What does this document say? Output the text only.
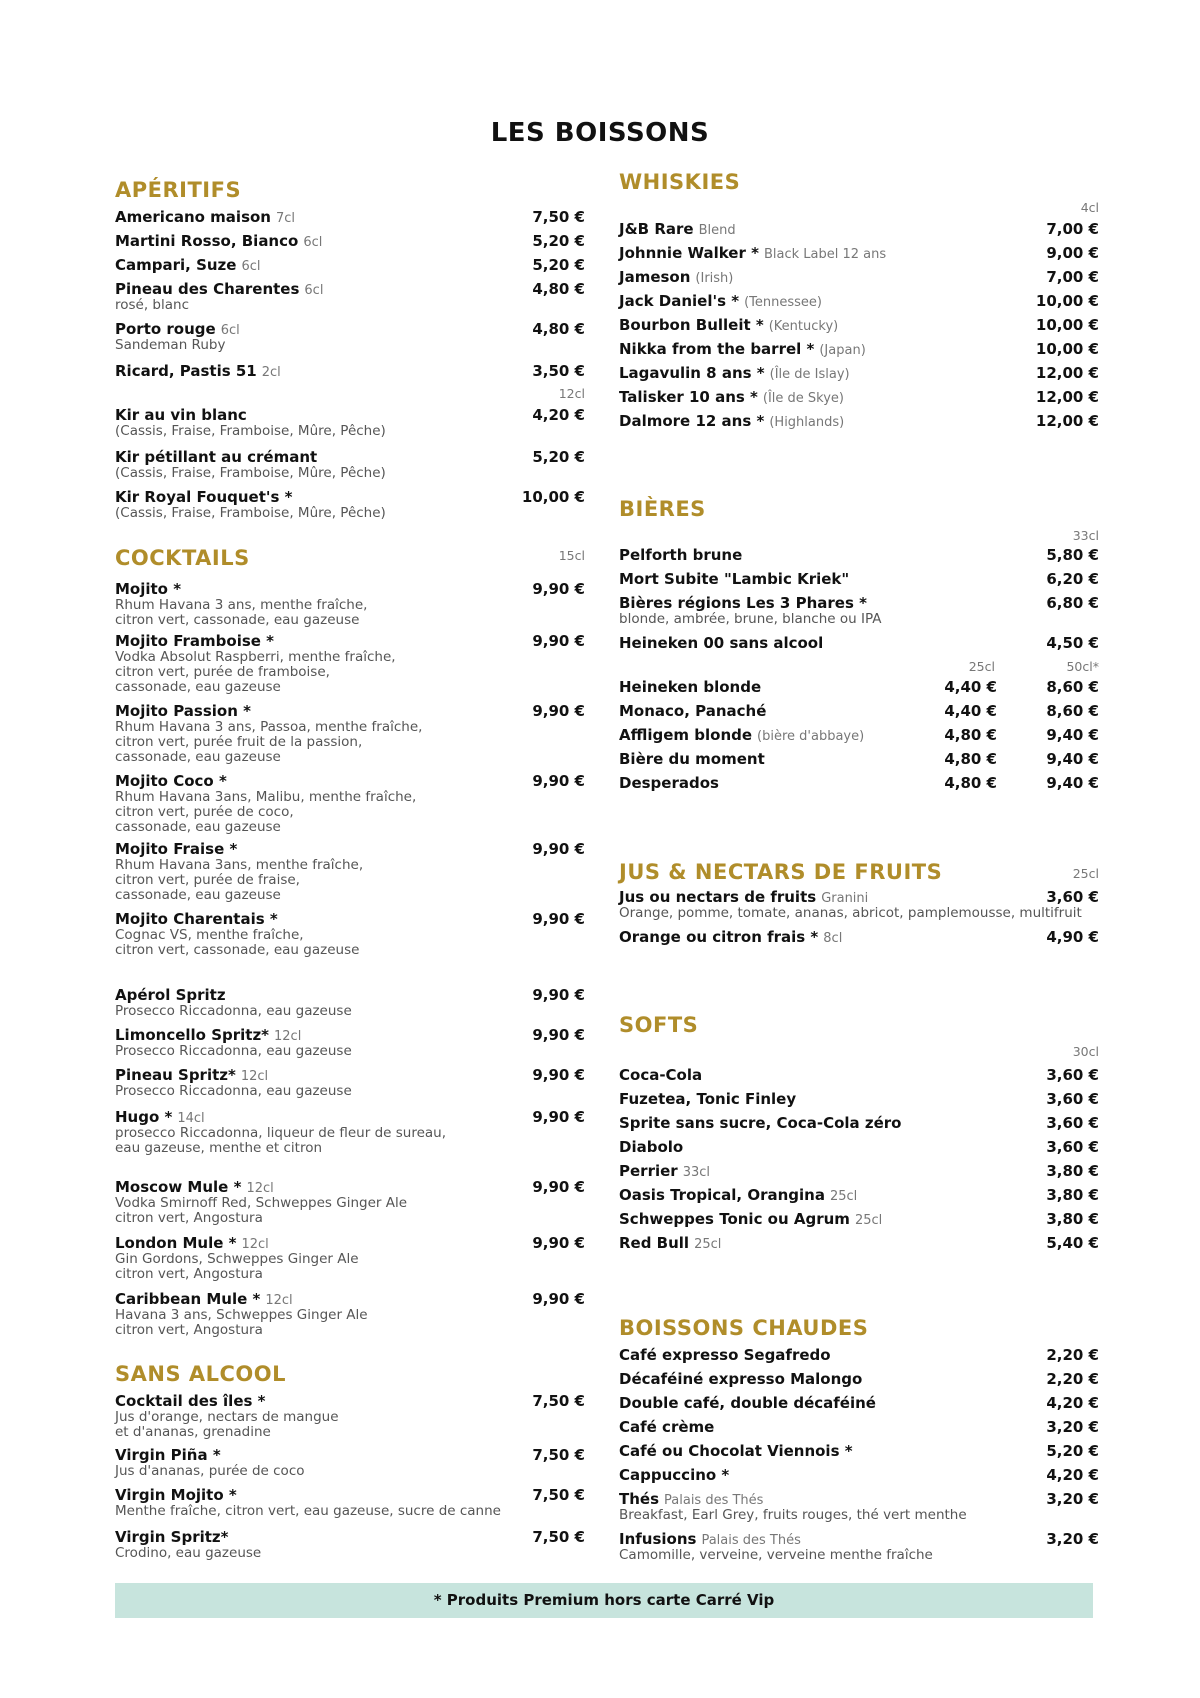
LES BOISSONS
APÉRITIFS
Americano maison 7cl	7,50 €
Martini Rosso, Bianco 6cl	5,20 €
Campari, Suze 6cl	5,20 €
Pineau des Charentes 6cl
rosé, blanc
4,80 €
Porto rouge 6cl
Sandeman Ruby
4,80 €
Ricard, Pastis 51 2cl	3,50 €
12cl
Kir au vin blanc
(Cassis, Fraise, Framboise, Mûre, Pêche)
4,20 €
Kir pétillant au crémant
(Cassis, Fraise, Framboise, Mûre, Pêche)
5,20 €
Kir Royal Fouquet's *
(Cassis, Fraise, Framboise, Mûre, Pêche)
10,00 €
COCKTAILS	15cl
Mojito *
Rhum Havana 3 ans, menthe fraîche,
citron vert, cassonade, eau gazeuse
9,90 €
Mojito Framboise *
Vodka Absolut Raspberri, menthe fraîche,
citron vert, purée de framboise,
cassonade, eau gazeuse
9,90 €
Mojito Passion *
Rhum Havana 3 ans, Passoa, menthe fraîche,
citron vert, purée fruit de la passion,
cassonade, eau gazeuse
9,90 €
Mojito Coco *
Rhum Havana 3ans, Malibu, menthe fraîche,
citron vert, purée de coco,
cassonade, eau gazeuse
9,90 €
Mojito Fraise *
Rhum Havana 3ans, menthe fraîche,
citron vert, purée de fraise,
cassonade, eau gazeuse
9,90 €
Mojito Charentais *
Cognac VS, menthe fraîche,
citron vert, cassonade, eau gazeuse
9,90 €
Apérol Spritz
Prosecco Riccadonna, eau gazeuse
9,90 €
Limoncello Spritz* 12cl
Prosecco Riccadonna, eau gazeuse
9,90 €
Pineau Spritz* 12cl
Prosecco Riccadonna, eau gazeuse
9,90 €
Hugo * 14cl
prosecco Riccadonna, liqueur de fleur de sureau,
eau gazeuse, menthe et citron
9,90 €
Moscow Mule * 12cl
Vodka Smirnoff Red, Schweppes Ginger Ale
citron vert, Angostura
9,90 €
London Mule * 12cl
Gin Gordons, Schweppes Ginger Ale
citron vert, Angostura
9,90 €
Caribbean Mule * 12cl
Havana 3 ans, Schweppes Ginger Ale
citron vert, Angostura
9,90 €
SANS ALCOOL
Cocktail des îles *
Jus d'orange, nectars de mangue
et d'ananas, grenadine
7,50 €
Virgin Piña *
Jus d'ananas, purée de coco
7,50 €
Virgin Mojito *
Menthe fraîche, citron vert, eau gazeuse, sucre de canne
7,50 €
Virgin Spritz*
Crodino, eau gazeuse
7,50 €
WHISKIES
4cl
J&B Rare Blend	7,00 €
Johnnie Walker * Black Label 12 ans	9,00 €
Jameson (Irish)	7,00 €
Jack Daniel's * (Tennessee)	10,00 €
Bourbon Bulleit * (Kentucky)	10,00 €
Nikka from the barrel * (Japan)	10,00 €
Lagavulin 8 ans * (Île de Islay)	12,00 €
Talisker 10 ans * (Île de Skye)	12,00 €
Dalmore 12 ans * (Highlands)	12,00 €
BIÈRES
33cl
Pelforth brune	5,80 €
Mort Subite "Lambic Kriek"	6,20 €
Bières régions Les 3 Phares *
blonde, ambrée, brune, blanche ou IPA
6,80 €
Heineken 00 sans alcool	4,50 €
25cl	50cl*
Heineken blonde	4,40 €	8,60 €
Monaco, Panaché	4,40 €	8,60 €
Affligem blonde (bière d'abbaye)	4,80 €	9,40 €
Bière du moment	4,80 €	9,40 €
Desperados	4,80 €	9,40 €
JUS & NECTARS DE FRUITS	25cl
Jus ou nectars de fruits Granini
Orange, pomme, tomate, ananas, abricot, pamplemousse, multifruit
3,60 €
Orange ou citron frais * 8cl	4,90 €
SOFTS
30cl
Coca-Cola	3,60 €
Fuzetea, Tonic Finley	3,60 €
Sprite sans sucre, Coca-Cola zéro	3,60 €
Diabolo	3,60 €
Perrier 33cl	3,80 €
Oasis Tropical, Orangina 25cl	3,80 €
Schweppes Tonic ou Agrum 25cl	3,80 €
Red Bull 25cl	5,40 €
BOISSONS CHAUDES
Café expresso Segafredo	2,20 €
Décaféiné expresso Malongo	2,20 €
Double café, double décaféiné	4,20 €
Café crème	3,20 €
Café ou Chocolat Viennois *	5,20 €
Cappuccino *	4,20 €
Thés Palais des Thés
Breakfast, Earl Grey, fruits rouges, thé vert menthe
3,20 €
Infusions Palais des Thés
Camomille, verveine, verveine menthe fraîche
3,20 €
* Produits Premium hors carte Carré Vip
